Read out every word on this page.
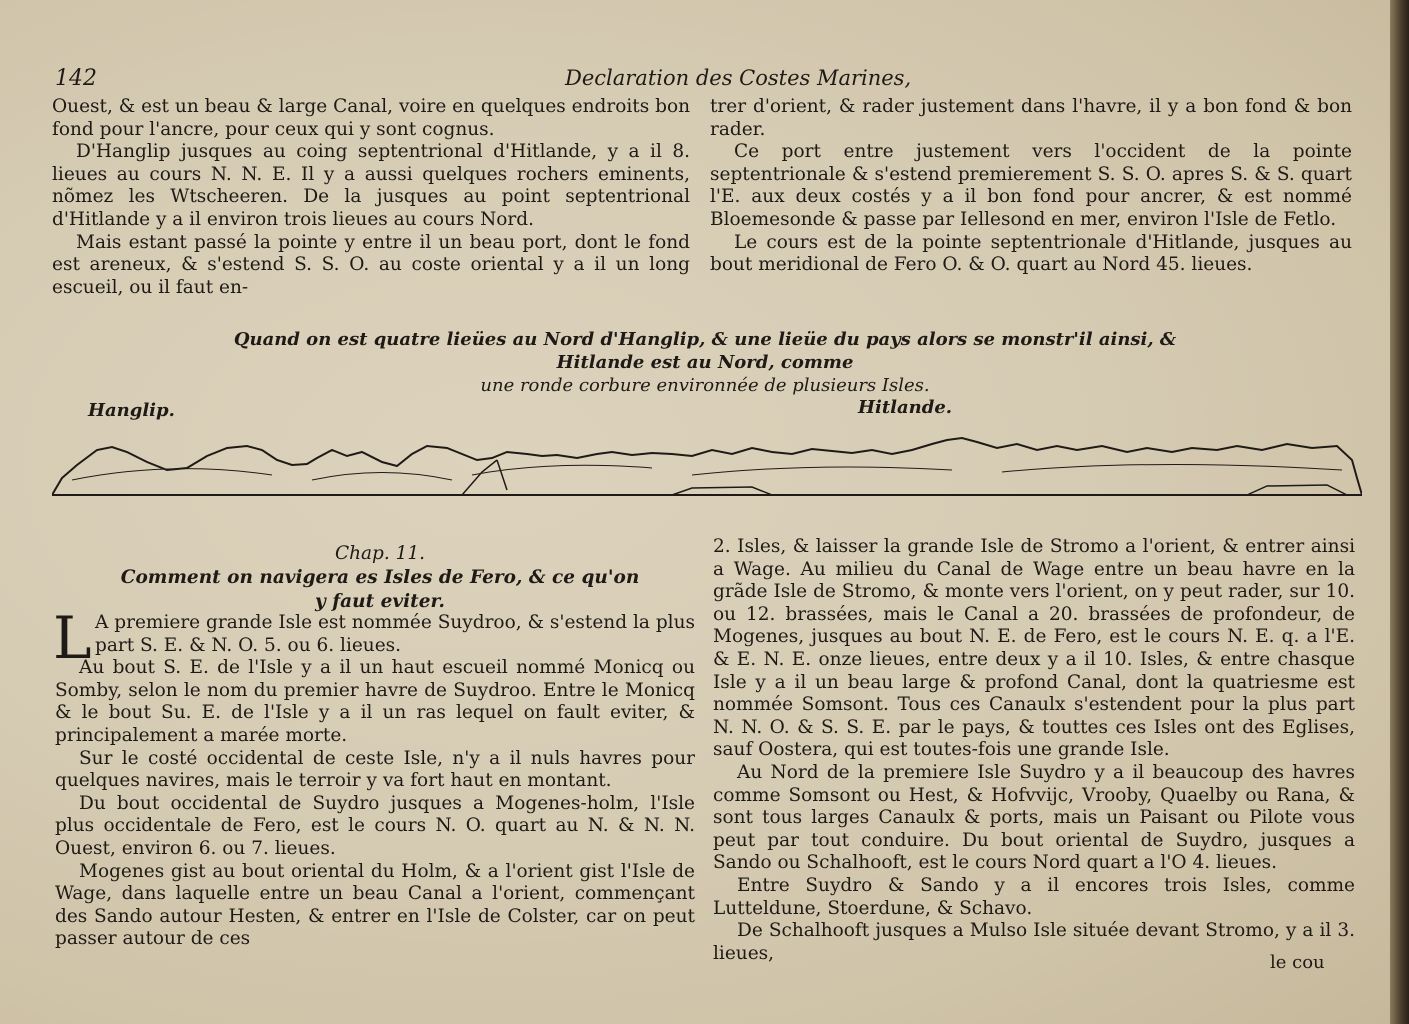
142	Declaration des Costes Marines,

Ouest, & est un beau & large Canal, voire en quelques endroits bon fond pour l'ancre, pour ceux qui y sont cognus.

D'Hanglip jusques au coing septentrional d'Hitlande, y a il 8. lieues au cours N. N. E. Il y a aussi quelques rochers eminents, nõmez les Wtscheeren. De la jusques au point septentrional d'Hitlande y a il environ trois lieues au cours Nord.

Mais estant passé la pointe y entre il un beau port, dont le fond est areneux, & s'estend S. S. O. au coste oriental y a il un long escueil, ou il faut en-

trer d'orient, & rader justement dans l'havre, il y a bon fond & bon rader.

Ce port entre justement vers l'occident de la pointe septentrionale & s'estend premierement S. S. O. apres S. & S. quart l'E. aux deux costés y a il bon fond pour ancrer, & est nommé Bloemesonde & passe par Iellesond en mer, environ l'Isle de Fetlo.

Le cours est de la pointe septentrionale d'Hitlande, jusques au bout meridional de Fero O. & O. quart au Nord 45. lieues.

Quand on est quatre lieües au Nord d'Hanglip, & une lieüe du pays alors se monstr'il ainsi, & Hitlande est au Nord, comme
une ronde corbure environnée de plusieurs Isles.
Hanglip.	Hitlande.
Chap. 11.
Comment on navigera es Isles de Fero, & ce qu'on y faut eviter.
L A premiere grande Isle est nommée Suydroo, & s'estend la plus part S. E. & N. O. 5. ou 6. lieues.

Au bout S. E. de l'Isle y a il un haut escueil nommé Monicq ou Somby, selon le nom du premier havre de Suydroo. Entre le Monicq & le bout Su. E. de l'Isle y a il un ras lequel on fault eviter, & principalement a marée morte.

Sur le costé occidental de ceste Isle, n'y a il nuls havres pour quelques navires, mais le terroir y va fort haut en montant.

Du bout occidental de Suydro jusques a Mogenes-holm, l'Isle plus occidentale de Fero, est le cours N. O. quart au N. & N. N. Ouest, environ 6. ou 7. lieues.

Mogenes gist au bout oriental du Holm, & a l'orient gist l'Isle de Wage, dans laquelle entre un beau Canal a l'orient, commençant des Sando autour Hesten, & entrer en l'Isle de Colster, car on peut passer autour de ces

2. Isles, & laisser la grande Isle de Stromo a l'orient, & entrer ainsi a Wage. Au milieu du Canal de Wage entre un beau havre en la grãde Isle de Stromo, & monte vers l'orient, on y peut rader, sur 10. ou 12. brassées, mais le Canal a 20. brassées de profondeur, de Mogenes, jusques au bout N. E. de Fero, est le cours N. E. q. a l'E. & E. N. E. onze lieues, entre deux y a il 10. Isles, & entre chasque Isle y a il un beau large & profond Canal, dont la quatriesme est nommée Somsont. Tous ces Canaulx s'estendent pour la plus part N. N. O. & S. S. E. par le pays, & touttes ces Isles ont des Eglises, sauf Oostera, qui est toutes-fois une grande Isle.

Au Nord de la premiere Isle Suydro y a il beaucoup des havres comme Somsont ou Hest, & Hofvvijc, Vrooby, Quaelby ou Rana, & sont tous larges Canaulx & ports, mais un Paisant ou Pilote vous peut par tout conduire. Du bout oriental de Suydro, jusques a Sando ou Schalhooft, est le cours Nord quart a l'O 4. lieues.

Entre Suydro & Sando y a il encores trois Isles, comme Lutteldune, Stoerdune, & Schavo.

De Schalhooft jusques a Mulso Isle située devant Stromo, y a il 3. lieues,	le cou
